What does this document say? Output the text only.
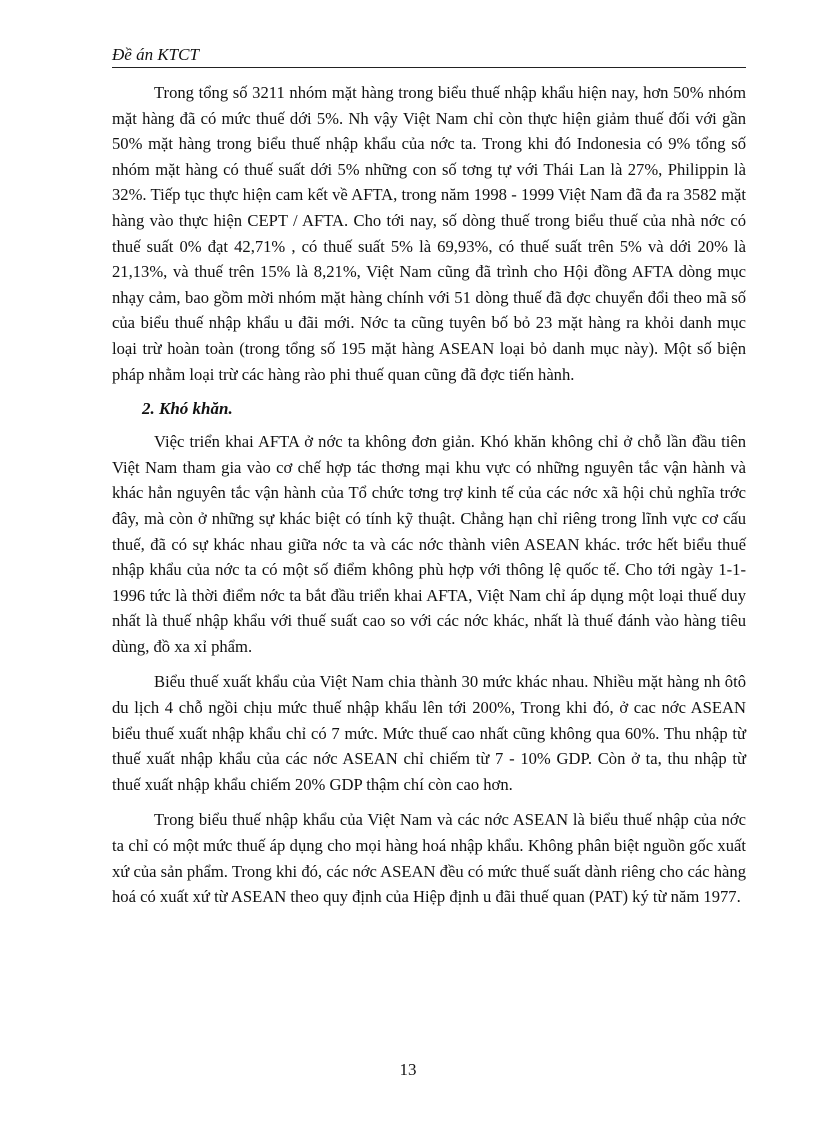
Đề án KTCT

Trong tổng số 3211 nhóm mặt hàng trong biểu thuế nhập khẩu hiện nay, hơn 50% nhóm mặt hàng đã có mức thuế dới 5%. Nh vậy Việt Nam chỉ còn thực hiện giảm thuế đối với gần 50% mặt hàng trong biểu thuế nhập khẩu của nớc ta. Trong khi đó Indonesia có 9% tổng số nhóm mặt hàng có thuế suất dới 5% những con số tơng tự với Thái Lan là 27%, Philippin là 32%. Tiếp tục thực hiện cam kết về AFTA, trong năm 1998 - 1999 Việt Nam đã đa ra 3582 mặt hàng vào thực hiện CEPT / AFTA. Cho tới nay, số dòng thuế trong biểu thuế của nhà nớc có thuế suất 0% đạt 42,71% , có thuế suất 5% là 69,93%, có thuế suất trên 5% và dới 20% là 21,13%, và thuế trên 15% là 8,21%, Việt Nam cũng đã trình cho Hội đồng AFTA dòng mục nhạy cảm, bao gồm mời nhóm mặt hàng chính với 51 dòng thuế đã đợc chuyển đổi theo mã số của biểu thuế nhập khẩu u đãi mới. Nớc ta cũng tuyên bố bỏ 23 mặt hàng ra khỏi danh mục loại trừ hoàn toàn (trong tổng số 195 mặt hàng ASEAN loại bỏ danh mục này). Một số biện pháp nhằm loại trừ các hàng rào phi thuế quan cũng đã đợc tiến hành.

2. Khó khăn.

Việc triển khai AFTA ở nớc ta không đơn giản. Khó khăn không chỉ ở chỗ lần đầu tiên Việt Nam tham gia vào cơ chế hợp tác thơng mại khu vực có những nguyên tắc vận hành và khác hẳn nguyên tắc vận hành của Tổ chức tơng trợ kinh tế của các nớc xã hội chủ nghĩa trớc đây, mà còn ở những sự khác biệt có tính kỹ thuật. Chẳng hạn chỉ riêng trong lĩnh vực cơ cấu thuế, đã có sự khác nhau giữa nớc ta và các nớc thành viên ASEAN khác. trớc hết biểu thuế nhập khẩu của nớc ta có một số điểm không phù hợp với thông lệ quốc tế. Cho tới ngày 1-1-1996 tức là thời điểm nớc ta bắt đầu triển khai AFTA, Việt Nam chỉ áp dụng một loại thuế duy nhất là thuế nhập khẩu với thuế suất cao so với các nớc khác, nhất là thuế đánh vào hàng tiêu dùng, đồ xa xỉ phẩm.

Biểu thuế xuất khẩu của Việt Nam chia thành 30 mức khác nhau. Nhiều mặt hàng nh ôtô du lịch 4 chỗ ngồi chịu mức thuế nhập khẩu lên tới 200%, Trong khi đó, ở cac nớc ASEAN biểu thuế xuất nhập khẩu chỉ có 7 mức. Mức thuế cao nhất cũng không qua 60%. Thu nhập từ thuế xuất nhập khẩu của các nớc ASEAN chỉ chiếm từ 7 - 10% GDP. Còn ở ta, thu nhập từ thuế xuất nhập khẩu chiếm 20% GDP thậm chí còn cao hơn.

Trong biểu thuế nhập khẩu của Việt Nam và các nớc ASEAN là biểu thuế nhập của nớc ta chỉ có một mức thuế áp dụng cho mọi hàng hoá nhập khẩu. Không phân biệt nguồn gốc xuất xứ của sản phẩm. Trong khi đó, các nớc ASEAN đều có mức thuế suất dành riêng cho các hàng hoá có xuất xứ từ ASEAN theo quy định của Hiệp định u đãi thuế quan (PAT) ký từ năm 1977.

13
